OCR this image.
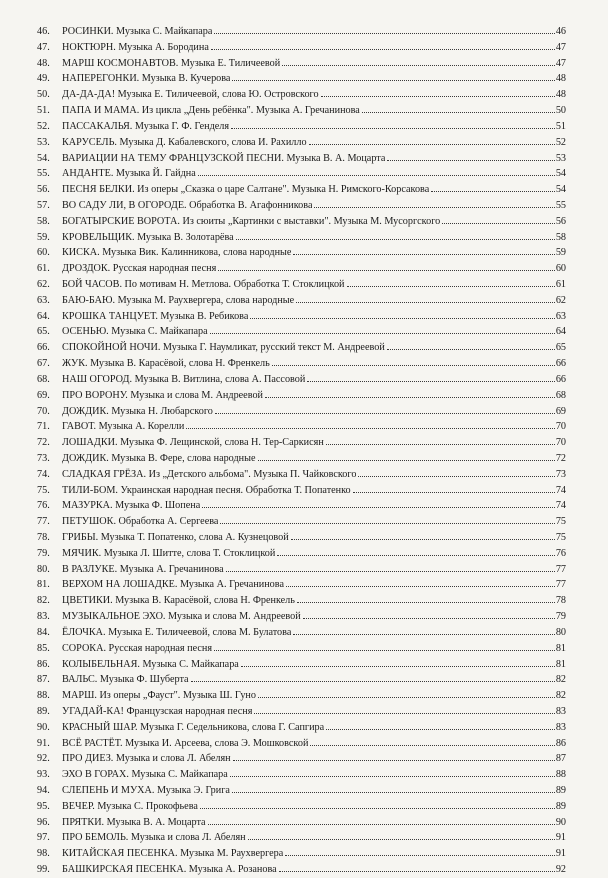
46.	РОСИНКИ. Музыка С. Майкапара	46
47.	НОКТЮРН. Музыка А. Бородина	47
48.	МАРШ КОСМОНАВТОВ. Музыка Е. Тиличеевой	47
49.	НАПЕРЕГОНКИ. Музыка В. Кучерова	48
50.	ДА-ДА-ДА! Музыка Е. Тиличеевой, слова Ю. Островского	48
51.	ПАПА И МАМА. Из цикла „День ребёнка". Музыка А. Гречанинова	50
52.	ПАССАКАЛЬЯ. Музыка Г. Ф. Генделя	51
53.	КАРУСЕЛЬ. Музыка Д. Кабалевского, слова И. Рахилло	52
54.	ВАРИАЦИИ НА ТЕМУ ФРАНЦУЗСКОЙ ПЕСНИ. Музыка В. А. Моцарта	53
55.	АНДАНТЕ. Музыка Й. Гайдна	54
56.	ПЕСНЯ БЕЛКИ. Из оперы „Сказка о царе Салтане". Музыка Н. Римского-Корсакова	54
57.	ВО САДУ ЛИ, В ОГОРОДЕ. Обработка В. Агафонникова	55
58.	БОГАТЫРСКИЕ ВОРОТА. Из сюиты „Картинки с выставки". Музыка М. Мусоргского	56
59.	КРОВЕЛЬЩИК. Музыка В. Золотарёва	58
60.	КИСКА. Музыка Вик. Калинникова, слова народные	59
61.	ДРОЗДОК. Русская народная песня	60
62.	БОЙ ЧАСОВ. По мотивам Н. Метлова. Обработка Т. Стоклицкой	61
63.	БАЮ-БАЮ. Музыка М. Раухвергера, слова народные	62
64.	КРОШКА ТАНЦУЕТ. Музыка В. Ребикова	63
65.	ОСЕНЬЮ. Музыка С. Майкапара	64
66.	СПОКОЙНОЙ НОЧИ. Музыка Г. Наумликат, русский текст М. Андреевой	65
67.	ЖУК. Музыка В. Карасёвой, слова Н. Френкель	66
68.	НАШ ОГОРОД. Музыка В. Витлина, слова А. Пассовой	66
69.	ПРО ВОРОНУ. Музыка и слова М. Андреевой	68
70.	ДОЖДИК. Музыка Н. Любарского	69
71.	ГАВОТ. Музыка А. Корелли	70
72.	ЛОШАДКИ. Музыка Ф. Лещинской, слова Н. Тер-Саркисян	70
73.	ДОЖДИК. Музыка В. Фере, слова народные	72
74.	СЛАДКАЯ ГРЁЗА. Из „Детского альбома". Музыка П. Чайковского	73
75.	ТИЛИ-БОМ. Украинская народная песня. Обработка Т. Попатенко	74
76.	МАЗУРКА. Музыка Ф. Шопена	74
77.	ПЕТУШОК. Обработка А. Сергеева	75
78.	ГРИБЫ. Музыка Т. Попатенко, слова А. Кузнецовой	75
79.	МЯЧИК. Музыка Л. Шитте, слова Т. Стоклицкой	76
80.	В РАЗЛУКЕ. Музыка А. Гречанинова	77
81.	ВЕРХОМ НА ЛОШАДКЕ. Музыка А. Гречанинова	77
82.	ЦВЕТИКИ. Музыка В. Карасёвой, слова Н. Френкель	78
83.	МУЗЫКАЛЬНОЕ ЭХО. Музыка и слова М. Андреевой	79
84.	ЁЛОЧКА. Музыка Е. Тиличеевой, слова М. Булатова	80
85.	СОРОКА. Русская народная песня	81
86.	КОЛЫБЕЛЬНАЯ. Музыка С. Майкапара	81
87.	ВАЛЬС. Музыка Ф. Шуберта	82
88.	МАРШ. Из оперы „Фауст". Музыка Ш. Гуно	82
89.	УГАДАЙ-КА! Французская народная песня	83
90.	КРАСНЫЙ ШАР. Музыка Г. Седельникова, слова Г. Сапгира	83
91.	ВСЁ РАСТЁТ. Музыка И. Арсеева, слова Э. Мошковской	86
92.	ПРО ДИЕЗ. Музыка и слова Л. Абелян	87
93.	ЭХО В ГОРАХ. Музыка С. Майкапара	88
94.	СЛЕПЕНЬ И МУХА. Музыка Э. Грига	89
95.	ВЕЧЕР. Музыка С. Прокофьева	89
96.	ПРЯТКИ. Музыка В. А. Моцарта	90
97.	ПРО БЕМОЛЬ. Музыка и слова Л. Абелян	91
98.	КИТАЙСКАЯ ПЕСЕНКА. Музыка М. Раухвергера	91
99.	БАШКИРСКАЯ ПЕСЕНКА. Музыка А. Розанова	92
